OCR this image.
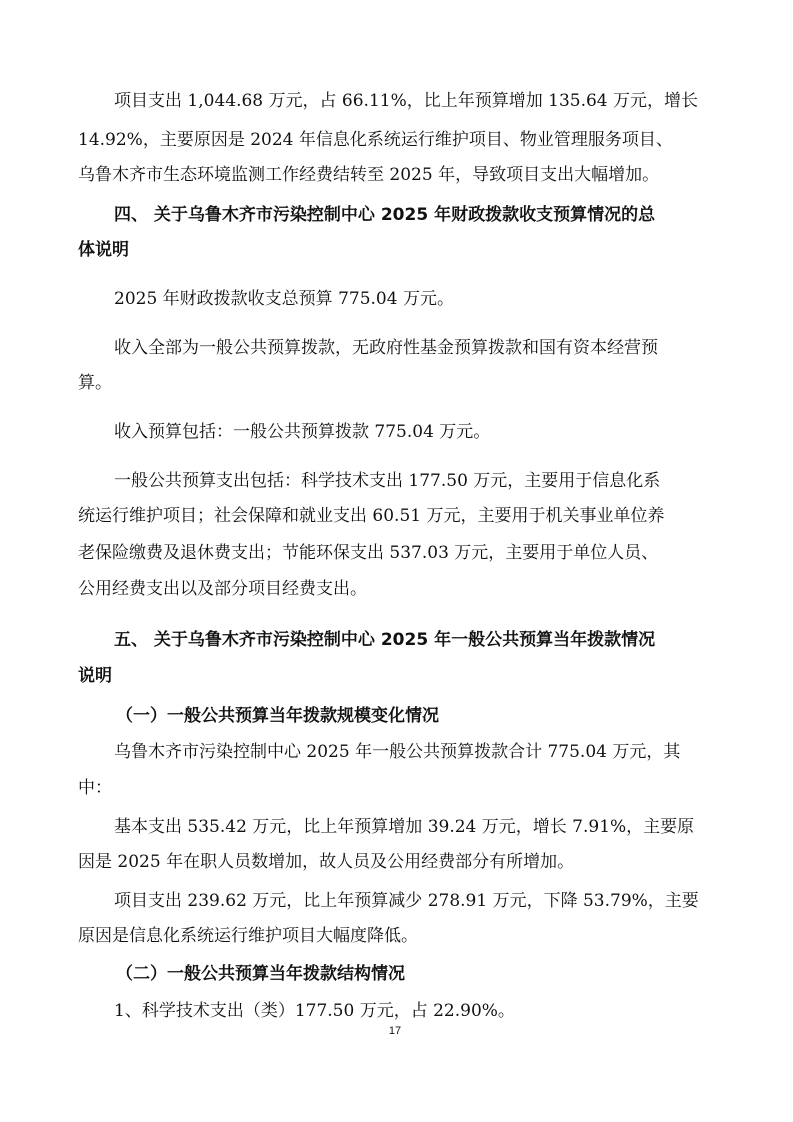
项目支出 1,044.68 万元，占 66.11%，比上年预算增加 135.64 万元，增长
14.92%，主要原因是 2024 年信息化系统运行维护项目、物业管理服务项目、
乌鲁木齐市生态环境监测工作经费结转至 2025 年，导致项目支出大幅增加。
四、 关于乌鲁木齐市污染控制中心 2025 年财政拨款收支预算情况的总
体说明
2025 年财政拨款收支总预算 775.04 万元。
收入全部为一般公共预算拨款，无政府性基金预算拨款和国有资本经营预
算。
收入预算包括：一般公共预算拨款 775.04 万元。
一般公共预算支出包括：科学技术支出 177.50 万元，主要用于信息化系
统运行维护项目；社会保障和就业支出 60.51 万元，主要用于机关事业单位养
老保险缴费及退休费支出；节能环保支出 537.03 万元，主要用于单位人员、
公用经费支出以及部分项目经费支出。
五、 关于乌鲁木齐市污染控制中心 2025 年一般公共预算当年拨款情况
说明
（一）一般公共预算当年拨款规模变化情况
乌鲁木齐市污染控制中心 2025 年一般公共预算拨款合计 775.04 万元，其
中：
基本支出 535.42 万元，比上年预算增加 39.24 万元，增长 7.91%，主要原
因是 2025 年在职人员数增加，故人员及公用经费部分有所增加。
项目支出 239.62 万元，比上年预算减少 278.91 万元，下降 53.79%，主要
原因是信息化系统运行维护项目大幅度降低。
（二）一般公共预算当年拨款结构情况
1、科学技术支出（类）177.50 万元，占 22.90%。
17
